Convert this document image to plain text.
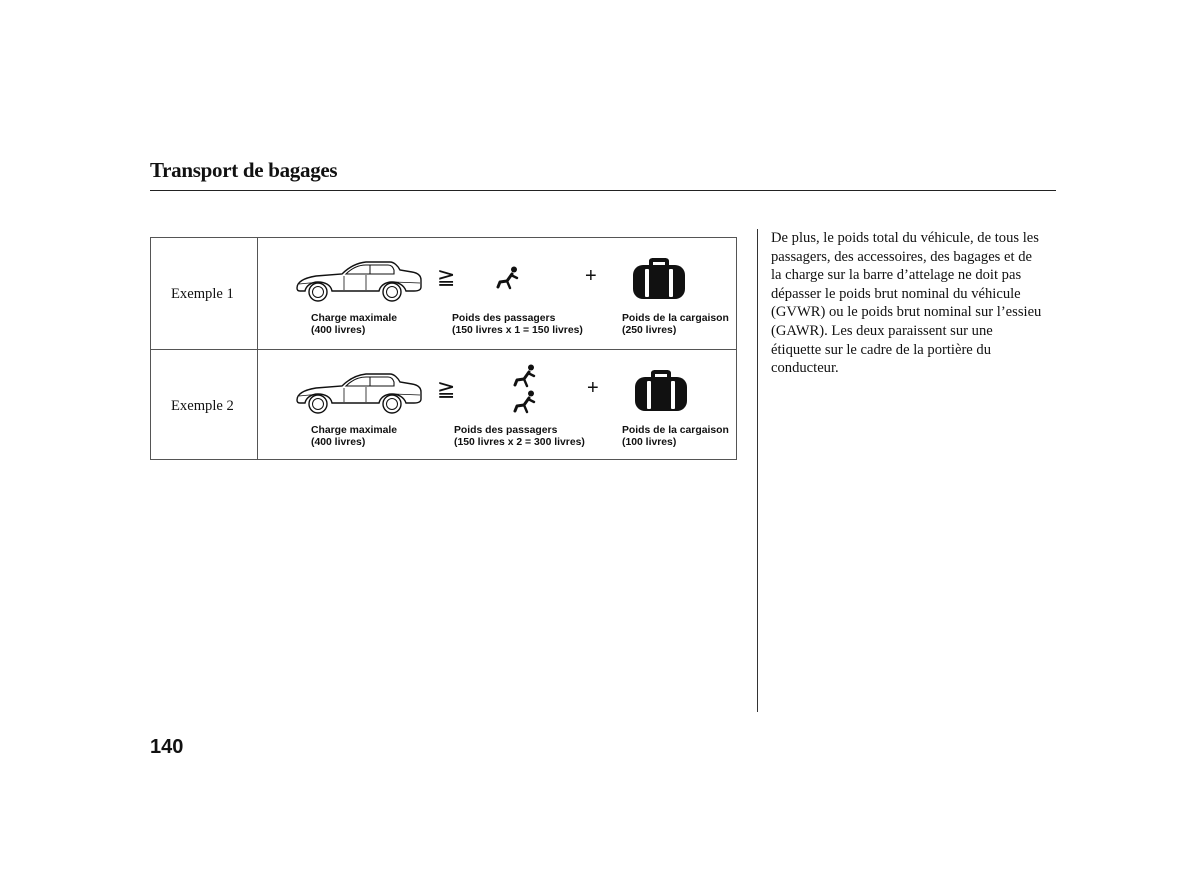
Transport de bagages
Exemple 1
≧	+
Charge maximale
(400 livres)
Poids des passagers
(150 livres x 1 = 150 livres)
Poids de la cargaison
(250 livres)
Exemple 2
≧	+
Charge maximale
(400 livres)
Poids des passagers
(150 livres x 2 = 300 livres)
Poids de la cargaison
(100 livres)
De plus, le poids total du véhicule, de tous les
passagers, des accessoires, des bagages et de
la charge sur la barre d’attelage ne doit pas
dépasser le poids brut nominal du véhicule
(GVWR) ou le poids brut nominal sur l’essieu
(GAWR). Les deux paraissent sur une
étiquette sur le cadre de la portière du
conducteur.
140
